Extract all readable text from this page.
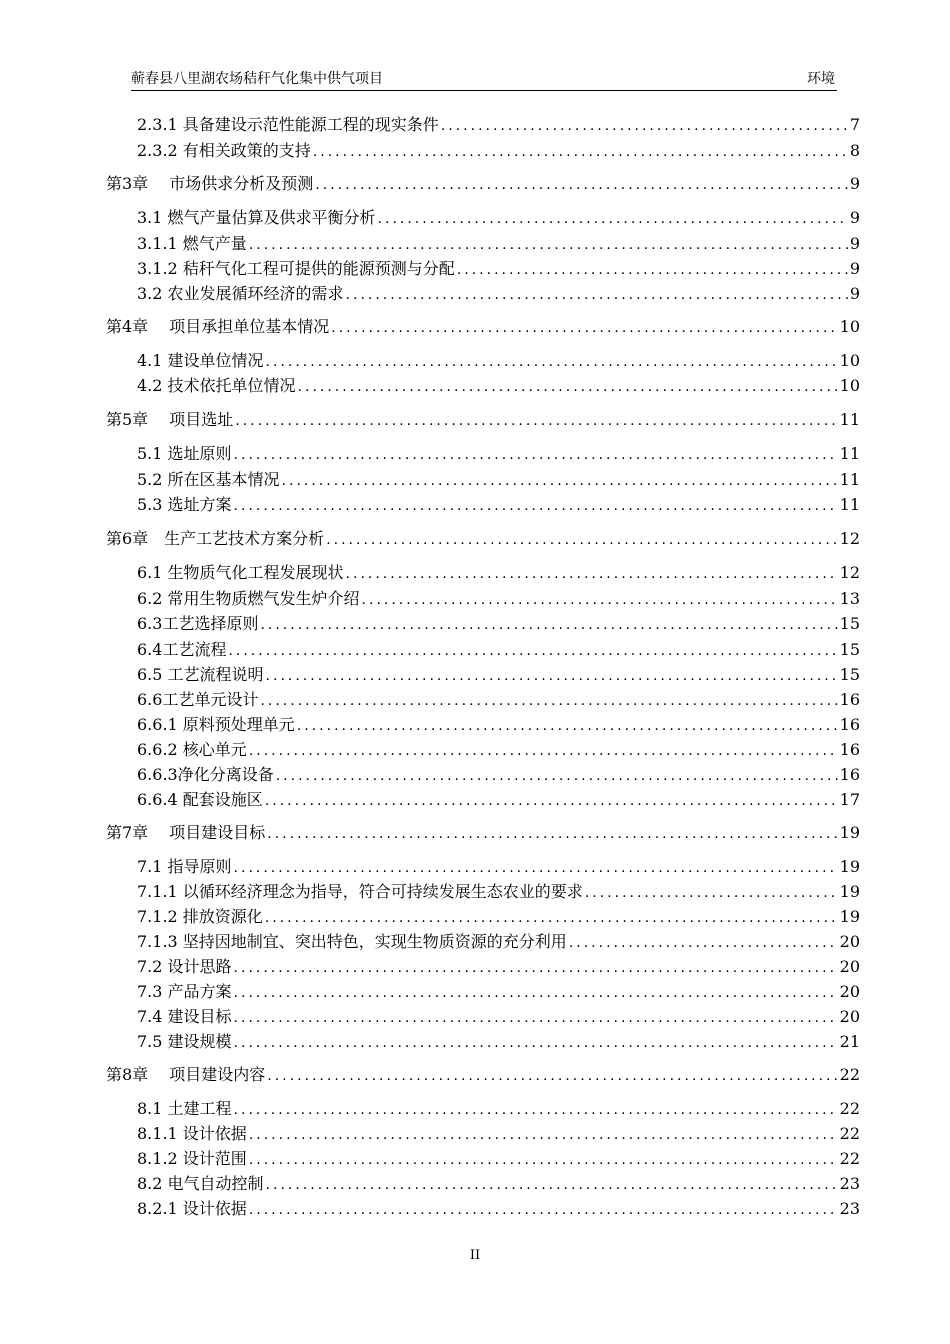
蕲春县八里湖农场秸秆气化集中供气项目	环境
2.3.1 具备建设示范性能源工程的现实条件 .....	7
2.3.2 有相关政策的支持 .....	8
第3章　 市场供求分析及预测 .....	9
3.1 燃气产量估算及供求平衡分析 .....	9
3.1.1 燃气产量 .....	9
3.1.2 秸秆气化工程可提供的能源预测与分配 .....	9
3.2 农业发展循环经济的需求 .....	9
第4章　 项目承担单位基本情况 .....	10
4.1 建设单位情况 .....	10
4.2 技术依托单位情况 .....	10
第5章　 项目选址 .....	11
5.1 选址原则 .....	11
5.2 所在区基本情况 .....	11
5.3 选址方案 .....	11
第6章　生产工艺技术方案分析 .....	12
6.1 生物质气化工程发展现状 .....	12
6.2 常用生物质燃气发生炉介绍 .....	13
6.3工艺选择原则 .....	15
6.4工艺流程 .....	15
6.5 工艺流程说明 .....	15
6.6工艺单元设计 .....	16
6.6.1 原料预处理单元 .....	16
6.6.2 核心单元 .....	16
6.6.3净化分离设备 .....	16
6.6.4 配套设施区 .....	17
第7章　 项目建设目标 .....	19
7.1 指导原则 .....	19
7.1.1 以循环经济理念为指导，符合可持续发展生态农业的要求 .....	19
7.1.2 排放资源化 .....	19
7.1.3 坚持因地制宜、突出特色，实现生物质资源的充分利用 .....	20
7.2 设计思路 .....	20
7.3 产品方案 .....	20
7.4 建设目标 .....	20
7.5 建设规模 .....	21
第8章　 项目建设内容 .....	22
8.1 土建工程 .....	22
8.1.1 设计依据 .....	22
8.1.2 设计范围 .....	22
8.2 电气自动控制 .....	23
8.2.1 设计依据 .....	23
II
